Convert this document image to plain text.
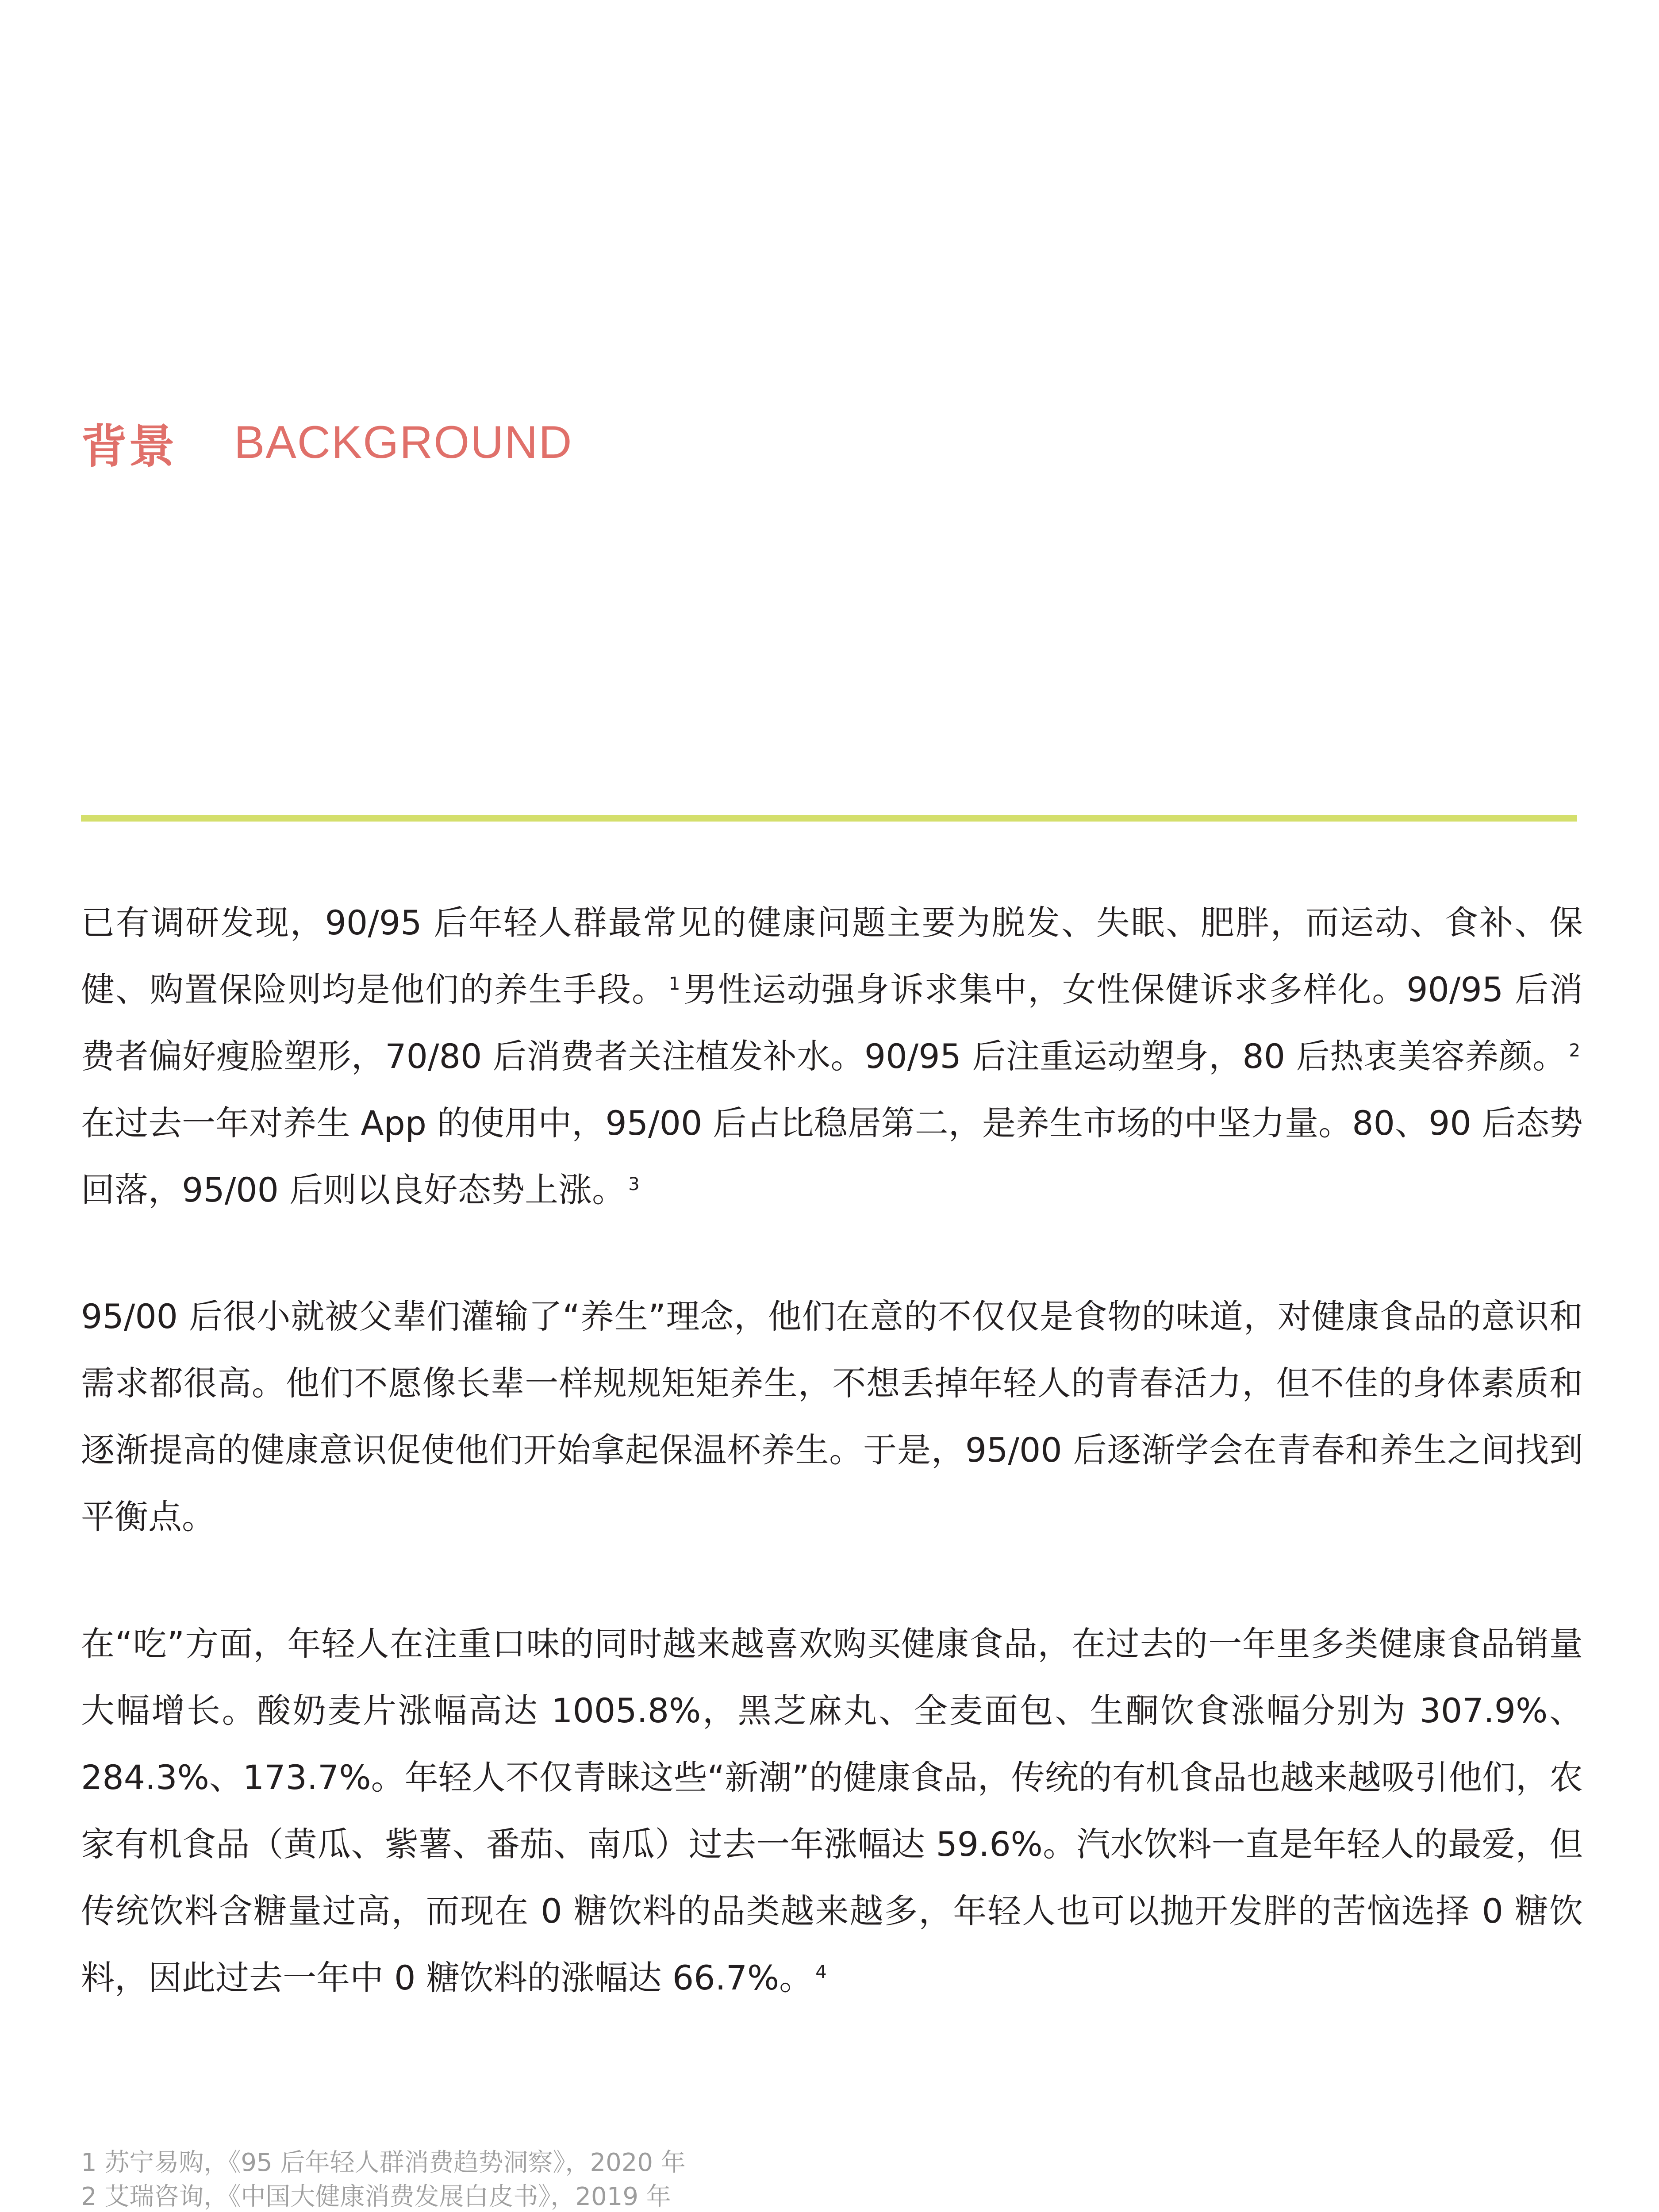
背景 BACKGROUND

已有调研发现，90/95 后年轻人群最常见的健康问题主要为脱发、失眠、肥胖，而运动、食补、保健、购置保险则均是他们的养生手段。 $^1$男性运动强身诉求集中，女性保健诉求多样化。90/95 后消费者偏好瘦脸塑形，70/80 后消费者关注植发补水。90/95 后注重运动塑身，80 后热衷美容养颜。 $^2$在过去一年对养生 App 的使用中，95/00 后占比稳居第二，是养生市场的中坚力量。80、90 后态势回落，95/00 后则以良好态势上涨。 $^3$

95/00 后很小就被父辈们灌输了“养生”理念，他们在意的不仅仅是食物的味道，对健康食品的意识和需求都很高。他们不愿像长辈一样规规矩矩养生，不想丢掉年轻人的青春活力，但不佳的身体素质和逐渐提高的健康意识促使他们开始拿起保温杯养生。于是，95/00 后逐渐学会在青春和养生之间找到平衡点。

在“吃”方面，年轻人在注重口味的同时越来越喜欢购买健康食品，在过去的一年里多类健康食品销量大幅增长。酸奶麦片涨幅高达 1005.8%，黑芝麻丸、全麦面包、生酮饮食涨幅分别为 307.9%、284.3%、173.7%。年轻人不仅青睐这些“新潮”的健康食品，传统的有机食品也越来越吸引他们，农家有机食品（黄瓜、紫薯、番茄、南瓜）过去一年涨幅达 59.6%。汽水饮料一直是年轻人的最爱，但传统饮料含糖量过高，而现在 0 糖饮料的品类越来越多，年轻人也可以抛开发胖的苦恼选择 0 糖饮料，因此过去一年中 0 糖饮料的涨幅达 66.7%。 $^4$

1 苏宁易购，《95 后年轻人群消费趋势洞察》，2020 年
2 艾瑞咨询，《中国大健康消费发展白皮书》，2019 年
